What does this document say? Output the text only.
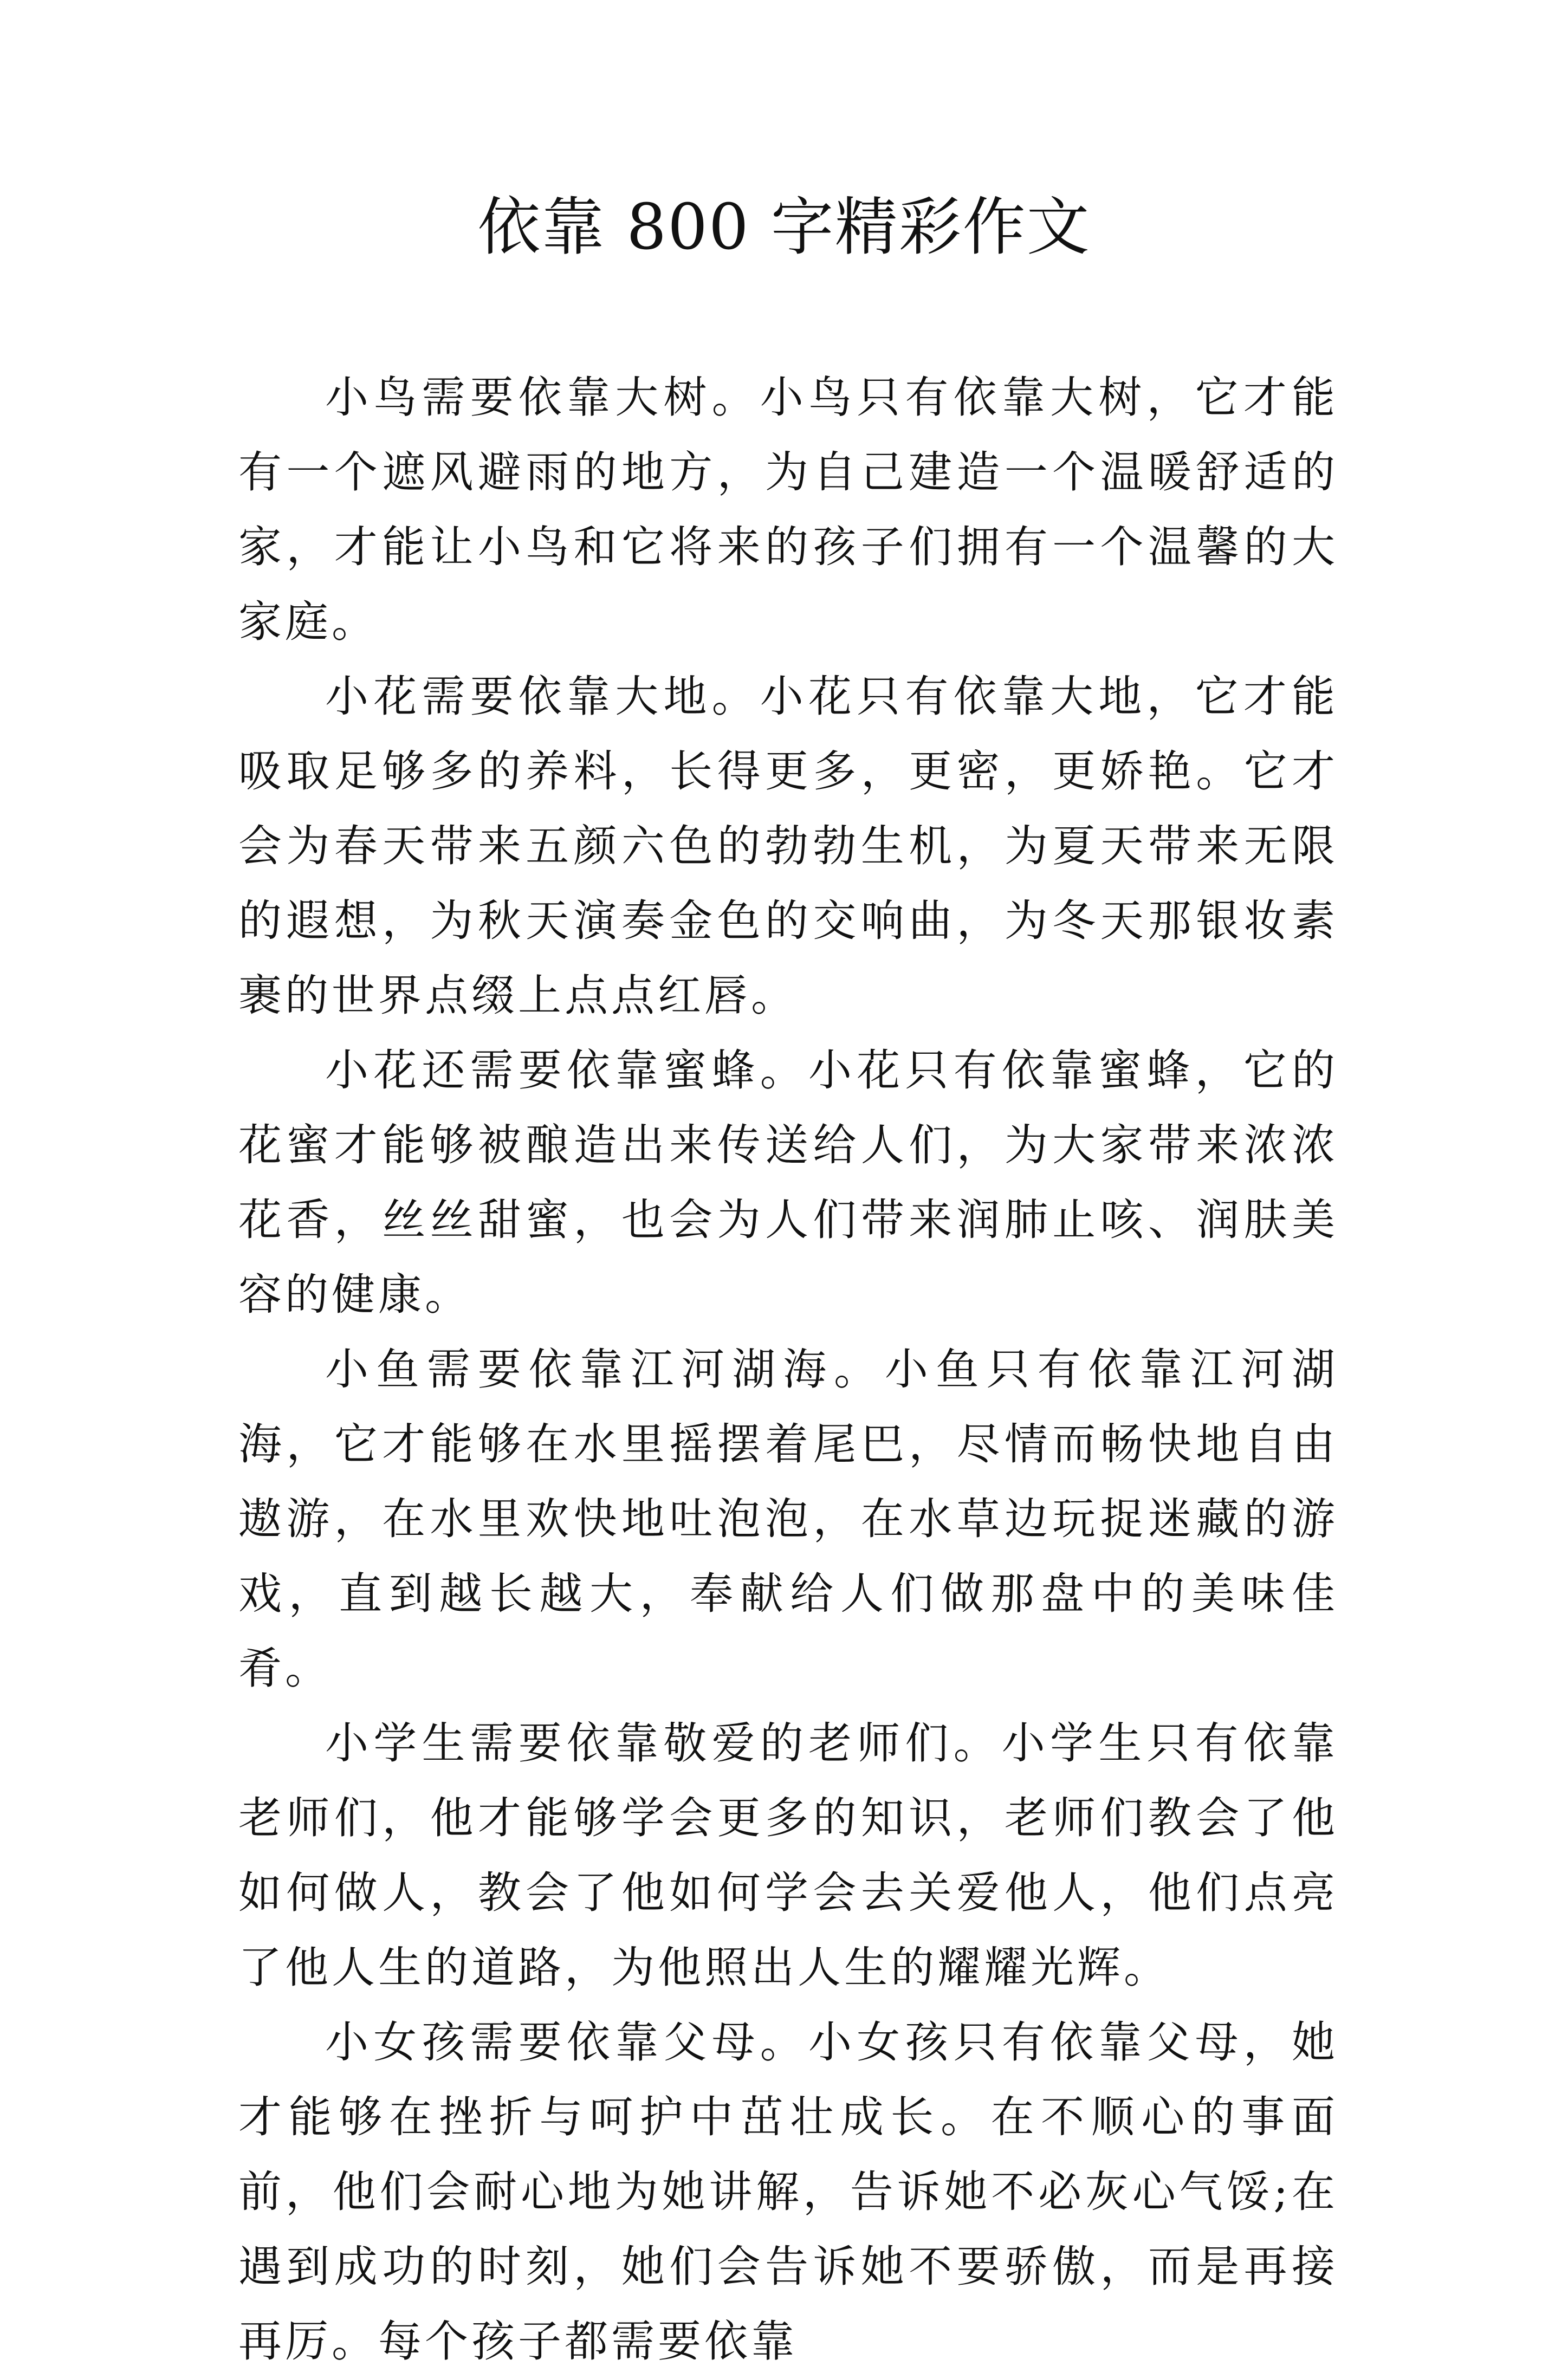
依靠 800 字精彩作文

小鸟需要依靠大树。小鸟只有依靠大树，它才能有一个遮风避雨的地方，为自己建造一个温暖舒适的家，才能让小鸟和它将来的孩子们拥有一个温馨的大家庭。

小花需要依靠大地。小花只有依靠大地，它才能吸取足够多的养料，长得更多，更密，更娇艳。它才会为春天带来五颜六色的勃勃生机，为夏天带来无限的遐想，为秋天演奏金色的交响曲，为冬天那银妆素裹的世界点缀上点点红唇。

小花还需要依靠蜜蜂。小花只有依靠蜜蜂，它的花蜜才能够被酿造出来传送给人们，为大家带来浓浓花香，丝丝甜蜜，也会为人们带来润肺止咳、润肤美容的健康。

小鱼需要依靠江河湖海。小鱼只有依靠江河湖海，它才能够在水里摇摆着尾巴，尽情而畅快地自由遨游，在水里欢快地吐泡泡，在水草边玩捉迷藏的游戏，直到越长越大，奉献给人们做那盘中的美味佳肴。

小学生需要依靠敬爱的老师们。小学生只有依靠老师们，他才能够学会更多的知识，老师们教会了他如何做人，教会了他如何学会去关爱他人，他们点亮了他人生的道路，为他照出人生的耀耀光辉。

小女孩需要依靠父母。小女孩只有依靠父母，她才能够在挫折与呵护中茁壮成长。在不顺心的事面前，他们会耐心地为她讲解，告诉她不必灰心气馁;在遇到成功的时刻，她们会告诉她不要骄傲，而是再接再厉。每个孩子都需要依靠
